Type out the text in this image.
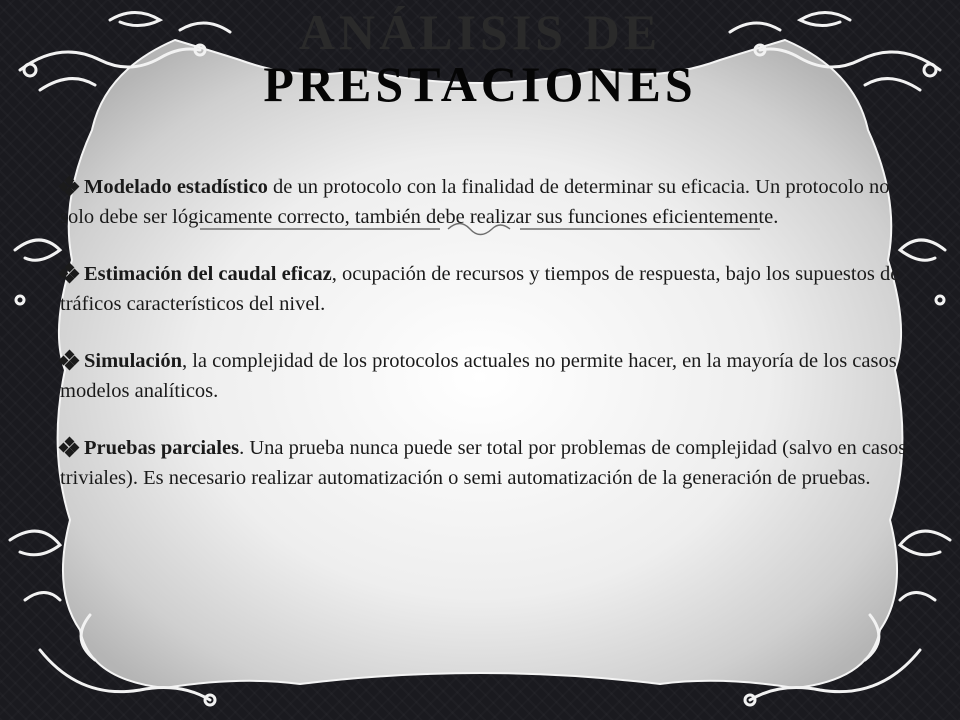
ANÁLISIS DE
PRESTACIONES

Modelado estadístico de un protocolo con la finalidad de determinar su eficacia. Un protocolo no solo debe ser lógicamente correcto, también debe realizar sus funciones eficientemente.

Estimación del caudal eficaz, ocupación de recursos y tiempos de respuesta, bajo los supuestos de tráficos característicos del nivel.

Simulación, la complejidad de los protocolos actuales no permite hacer, en la mayoría de los casos, modelos analíticos.

Pruebas parciales. Una prueba nunca puede ser total por problemas de complejidad (salvo en casos triviales). Es necesario realizar automatización o semi automatización de la generación de pruebas.
